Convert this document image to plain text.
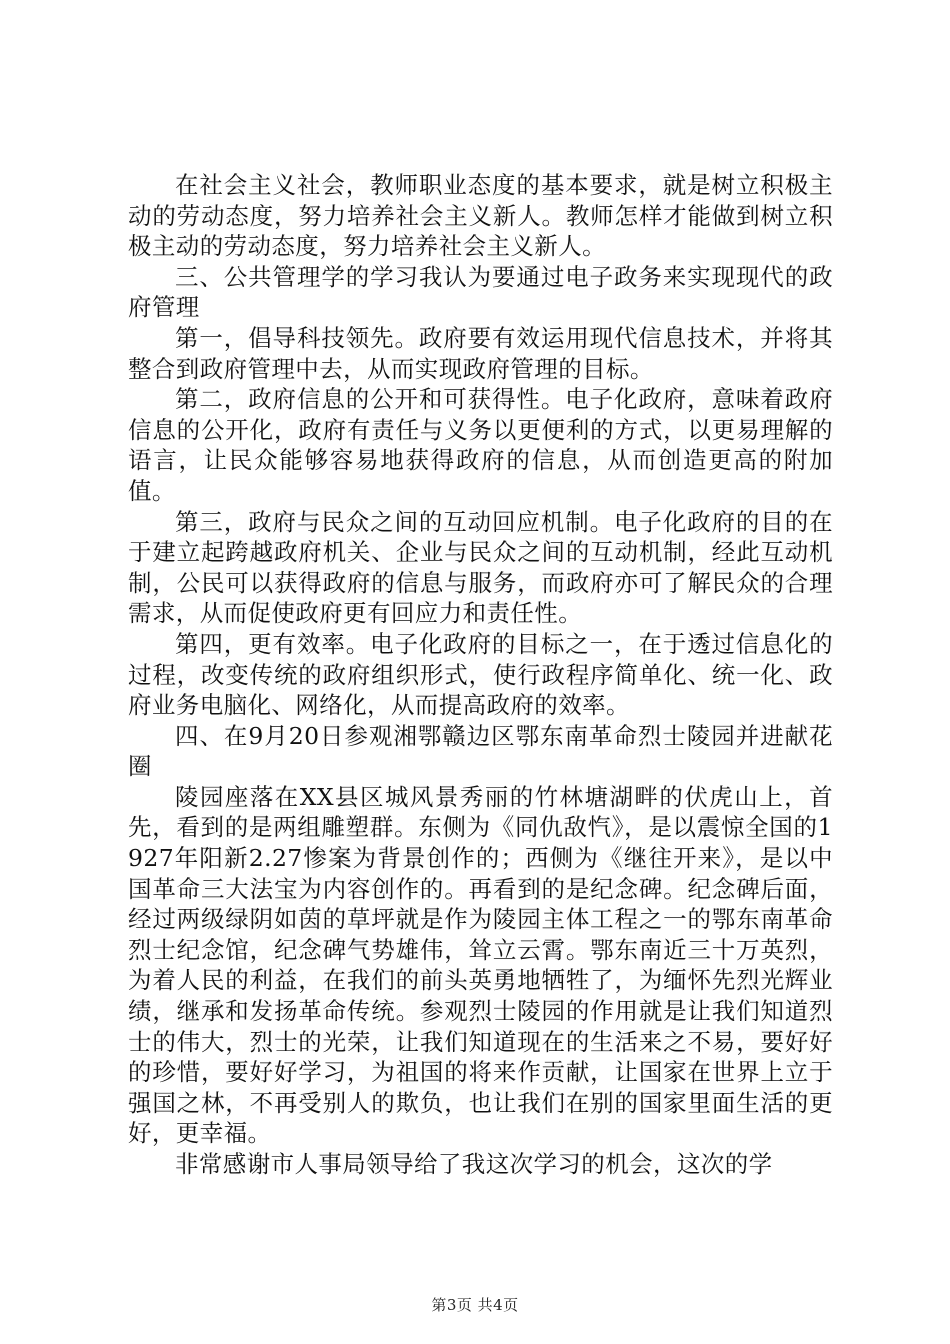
在社会主义社会，教师职业态度的基本要求，就是树立积极主动的劳动态度，努力培养社会主义新人。教师怎样才能做到树立积极主动的劳动态度，努力培养社会主义新人。

三、公共管理学的学习我认为要通过电子政务来实现现代的政府管理

第一，倡导科技领先。政府要有效运用现代信息技术，并将其整合到政府管理中去，从而实现政府管理的目标。

第二，政府信息的公开和可获得性。电子化政府，意味着政府信息的公开化，政府有责任与义务以更便利的方式，以更易理解的语言，让民众能够容易地获得政府的信息，从而创造更高的附加值。

第三，政府与民众之间的互动回应机制。电子化政府的目的在于建立起跨越政府机关、企业与民众之间的互动机制，经此互动机制，公民可以获得政府的信息与服务，而政府亦可了解民众的合理需求，从而促使政府更有回应力和责任性。

第四，更有效率。电子化政府的目标之一，在于透过信息化的过程，改变传统的政府组织形式，使行政程序简单化、统一化、政府业务电脑化、网络化，从而提高政府的效率。

四、在9月20日参观湘鄂赣边区鄂东南革命烈士陵园并进献花圈

陵园座落在XX县区城风景秀丽的竹林塘湖畔的伏虎山上，首先，看到的是两组雕塑群。东侧为《同仇敌忾》，是以震惊全国的1927年阳新2.27惨案为背景创作的；西侧为《继往开来》，是以中国革命三大法宝为内容创作的。再看到的是纪念碑。纪念碑后面，经过两级绿阴如茵的草坪就是作为陵园主体工程之一的鄂东南革命烈士纪念馆，纪念碑气势雄伟，耸立云霄。鄂东南近三十万英烈，为着人民的利益，在我们的前头英勇地牺牲了，为缅怀先烈光辉业绩，继承和发扬革命传统。参观烈士陵园的作用就是让我们知道烈士的伟大，烈士的光荣，让我们知道现在的生活来之不易，要好好的珍惜，要好好学习，为祖国的将来作贡献，让国家在世界上立于强国之林，不再受别人的欺负，也让我们在别的国家里面生活的更好，更幸福。

非常感谢市人事局领导给了我这次学习的机会，这次的学

第3页 共4页
